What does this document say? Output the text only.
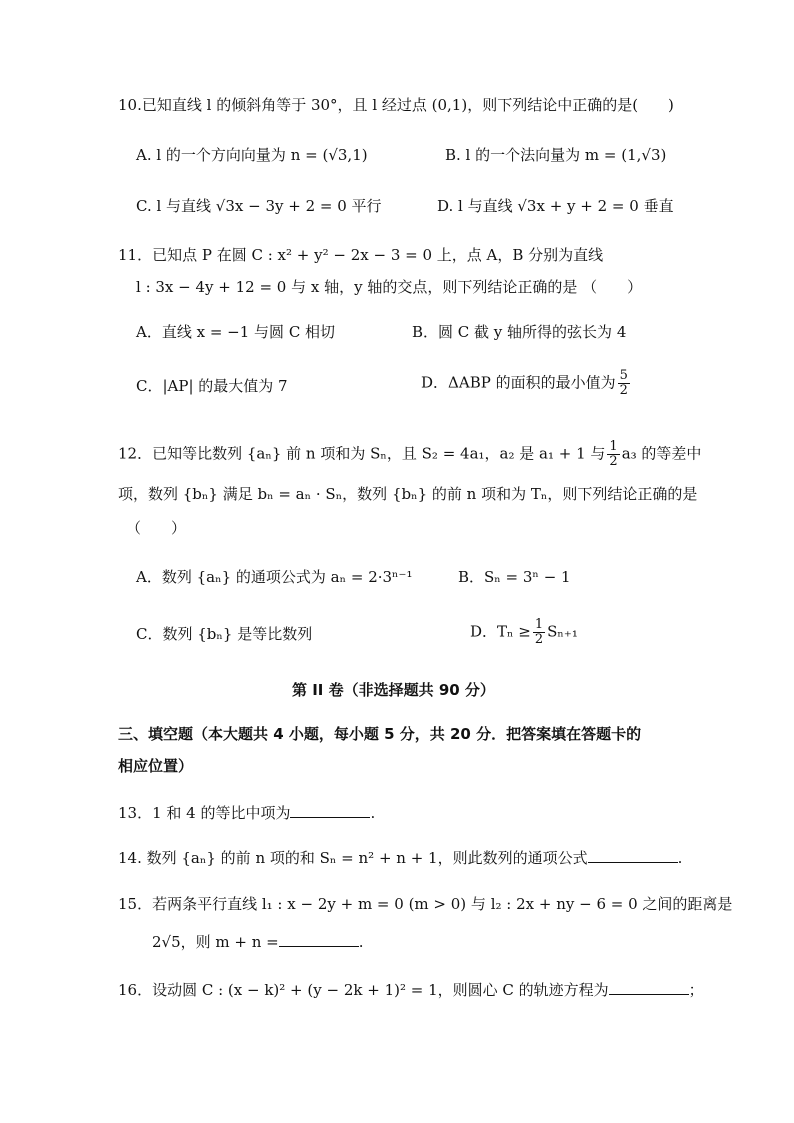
10.已知直线 l 的倾斜角等于 30°，且 l 经过点 (0,1)，则下列结论中正确的是(　　)
A. l 的一个方向向量为 n = (√3,1)	B. l 的一个法向量为 m = (1,√3)
C. l 与直线 √3x − 3y + 2 = 0 平行	D. l 与直线 √3x + y + 2 = 0 垂直
11．已知点 P 在圆 C : x² + y² − 2x − 3 = 0 上，点 A，B 分别为直线
l : 3x − 4y + 12 = 0 与 x 轴，y 轴的交点，则下列结论正确的是 （　　）
A．直线 x = −1 与圆 C 相切	B．圆 C 截 y 轴所得的弦长为 4
C．|AP| 的最大值为 7	D．ΔABP 的面积的最小值为 $\frac{5}{2}$
12．已知等比数列 {aₙ} 前 n 项和为 Sₙ，且 S₂ = 4a₁，a₂ 是 a₁ + 1 与 $\frac{1}{2} a_3$ 的等差中
项，数列 {bₙ} 满足 bₙ = aₙ · Sₙ，数列 {bₙ} 的前 n 项和为 Tₙ，则下列结论正确的是
（　　）
A．数列 {aₙ} 的通项公式为 aₙ = 2·3ⁿ⁻¹	B．Sₙ = 3ⁿ − 1
C．数列 {bₙ} 是等比数列	D．$T_n \ge \frac{1}{2} S_{n+1}$
第 II 卷（非选择题共 90 分）
三、填空题（本大题共 4 小题，每小题 5 分，共 20 分．把答案填在答题卡的
相应位置）
13．1 和 4 的等比中项为	.
14. 数列 {aₙ} 的前 n 项的和 Sₙ = n² + n + 1，则此数列的通项公式	.
15．若两条平行直线 l₁ : x − 2y + m = 0 (m > 0) 与 l₂ : 2x + ny − 6 = 0 之间的距离是
2√5，则 m + n =	.
16．设动圆 C : (x − k)² + (y − 2k + 1)² = 1，则圆心 C 的轨迹方程为	；
